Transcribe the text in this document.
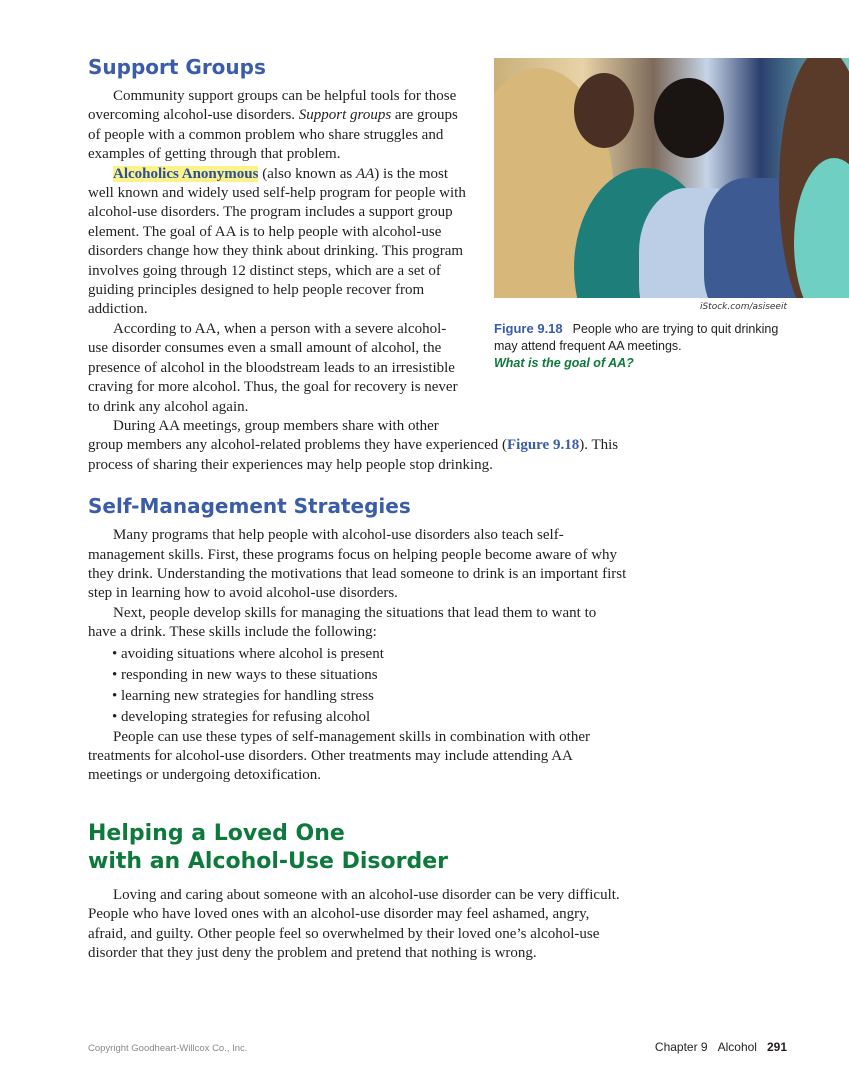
Support Groups

Community support groups can be helpful tools for those overcoming alcohol-use disorders. Support groups are groups of people with a common problem who share struggles and examples of getting through that problem.

Alcoholics Anonymous (also known as AA) is the most well known and widely used self-help program for people with alcohol-use disorders. The program includes a support group element. The goal of AA is to help people with alcohol-use disorders change how they think about drinking. This program involves going through 12 distinct steps, which are a set of guiding principles designed to help people recover from addiction.

According to AA, when a person with a severe alcohol-use disorder consumes even a small amount of alcohol, the presence of alcohol in the bloodstream leads to an irresistible craving for more alcohol. Thus, the goal for recovery is never to drink any alcohol again.

During AA meetings, group members share with other group members any alcohol-related problems they have experienced (Figure 9.18). This process of sharing their experiences may help people stop drinking.

Self-Management Strategies

Many programs that help people with alcohol-use disorders also teach self-management skills. First, these programs focus on helping people become aware of why they drink. Understanding the motivations that lead someone to drink is an important first step in learning how to avoid alcohol-use disorders.

Next, people develop skills for managing the situations that lead them to want to have a drink. These skills include the following:

• avoiding situations where alcohol is present
• responding in new ways to these situations
• learning new strategies for handling stress
• developing strategies for refusing alcohol

People can use these types of self-management skills in combination with other treatments for alcohol-use disorders. Other treatments may include attending AA meetings or undergoing detoxification.

Helping a Loved One
with an Alcohol-Use Disorder

Loving and caring about someone with an alcohol-use disorder can be very difficult. People who have loved ones with an alcohol-use disorder may feel ashamed, angry, afraid, and guilty. Other people feel so overwhelmed by their loved one’s alcohol-use disorder that they just deny the problem and pretend that nothing is wrong.

iStock.com/asiseeit
Figure 9.18 People who are trying to quit drinking may attend frequent AA meetings.
What is the goal of AA?
Copyright Goodheart-Willcox Co., Inc.	Chapter 9 Alcohol 291
